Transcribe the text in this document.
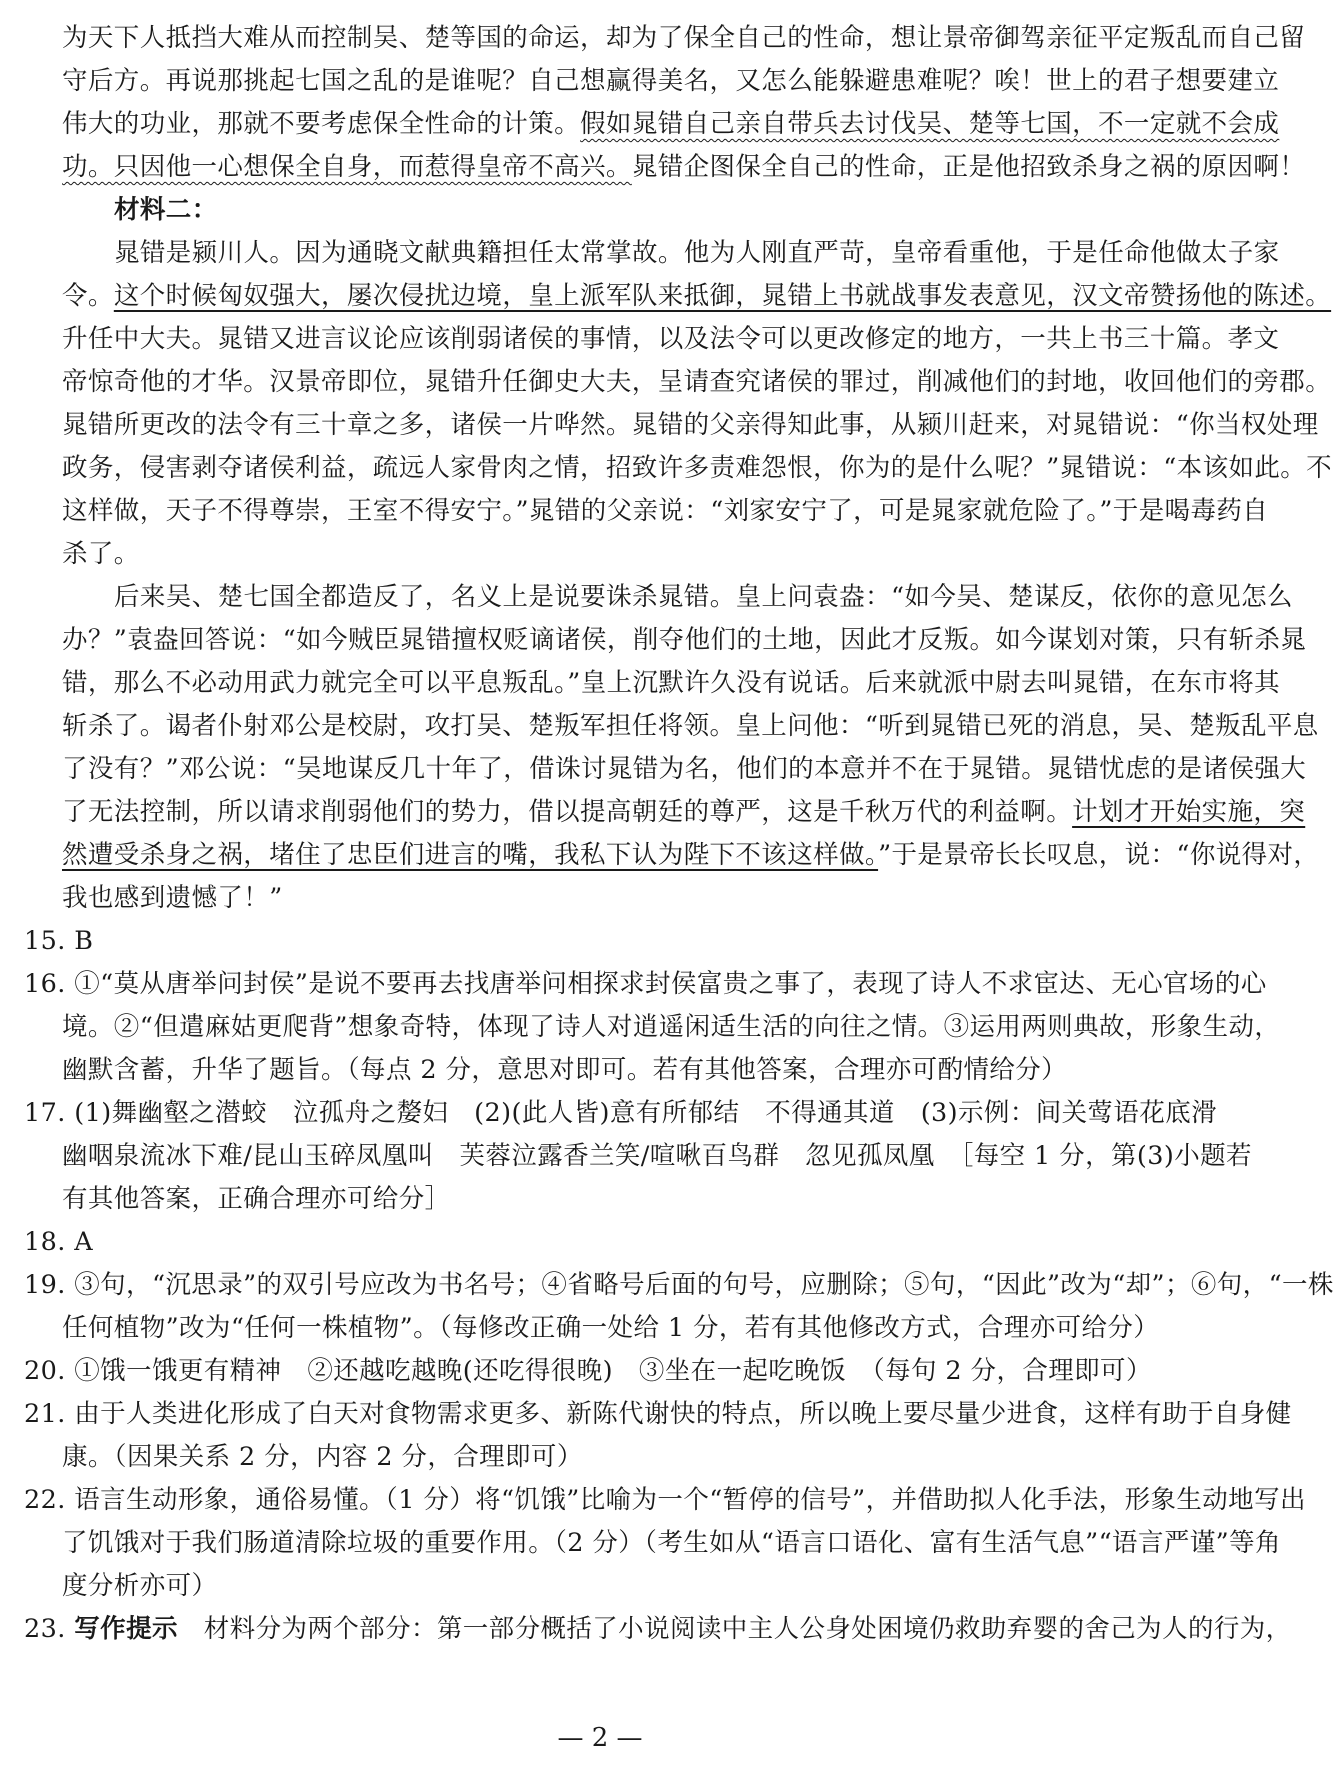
为天下人抵挡大难从而控制吴、楚等国的命运，却为了保全自己的性命，想让景帝御驾亲征平定叛乱而自己留
守后方。再说那挑起七国之乱的是谁呢？自己想赢得美名，又怎么能躲避患难呢？唉！世上的君子想要建立
伟大的功业，那就不要考虑保全性命的计策。假如晁错自己亲自带兵去讨伐吴、楚等七国，不一定就不会成
功。只因他一心想保全自身，而惹得皇帝不高兴。晁错企图保全自己的性命，正是他招致杀身之祸的原因啊！
材料二：
晁错是颍川人。因为通晓文献典籍担任太常掌故。他为人刚直严苛，皇帝看重他，于是任命他做太子家
令。这个时候匈奴强大，屡次侵扰边境，皇上派军队来抵御，晁错上书就战事发表意见，汉文帝赞扬他的陈述。
升任中大夫。晁错又进言议论应该削弱诸侯的事情，以及法令可以更改修定的地方，一共上书三十篇。孝文
帝惊奇他的才华。汉景帝即位，晁错升任御史大夫，呈请查究诸侯的罪过，削减他们的封地，收回他们的旁郡。
晁错所更改的法令有三十章之多，诸侯一片哗然。晁错的父亲得知此事，从颍川赶来，对晁错说：“你当权处理
政务，侵害剥夺诸侯利益，疏远人家骨肉之情，招致许多责难怨恨，你为的是什么呢？”晁错说：“本该如此。不
这样做，天子不得尊崇，王室不得安宁。”晁错的父亲说：“刘家安宁了，可是晁家就危险了。”于是喝毒药自
杀了。
后来吴、楚七国全都造反了，名义上是说要诛杀晁错。皇上问袁盎：“如今吴、楚谋反，依你的意见怎么
办？”袁盎回答说：“如今贼臣晁错擅权贬谪诸侯，削夺他们的土地，因此才反叛。如今谋划对策，只有斩杀晁
错，那么不必动用武力就完全可以平息叛乱。”皇上沉默许久没有说话。后来就派中尉去叫晁错，在东市将其
斩杀了。谒者仆射邓公是校尉，攻打吴、楚叛军担任将领。皇上问他：“听到晁错已死的消息，吴、楚叛乱平息
了没有？”邓公说：“吴地谋反几十年了，借诛讨晁错为名，他们的本意并不在于晁错。晁错忧虑的是诸侯强大
了无法控制，所以请求削弱他们的势力，借以提高朝廷的尊严，这是千秋万代的利益啊。计划才开始实施，突
然遭受杀身之祸，堵住了忠臣们进言的嘴，我私下认为陛下不该这样做。”于是景帝长长叹息，说：“你说得对，
我也感到遗憾了！”
15. B
16. ①“莫从唐举问封侯”是说不要再去找唐举问相探求封侯富贵之事了，表现了诗人不求宦达、无心官场的心
境。②“但遣麻姑更爬背”想象奇特，体现了诗人对逍遥闲适生活的向往之情。③运用两则典故，形象生动，
幽默含蓄，升华了题旨。（每点 2 分，意思对即可。若有其他答案，合理亦可酌情给分）
17. (1)舞幽壑之潜蛟　泣孤舟之嫠妇　(2)(此人皆)意有所郁结　不得通其道　(3)示例：间关莺语花底滑
幽咽泉流冰下难/昆山玉碎凤凰叫　芙蓉泣露香兰笑/喧啾百鸟群　忽见孤凤凰　［每空 1 分，第(3)小题若
有其他答案，正确合理亦可给分］
18. A
19. ③句，“沉思录”的双引号应改为书名号；④省略号后面的句号，应删除；⑤句，“因此”改为“却”；⑥句，“一株
任何植物”改为“任何一株植物”。（每修改正确一处给 1 分，若有其他修改方式，合理亦可给分）
20. ①饿一饿更有精神　②还越吃越晚(还吃得很晚)　③坐在一起吃晚饭　（每句 2 分，合理即可）
21. 由于人类进化形成了白天对食物需求更多、新陈代谢快的特点，所以晚上要尽量少进食，这样有助于自身健
康。（因果关系 2 分，内容 2 分，合理即可）
22. 语言生动形象，通俗易懂。（1 分）将“饥饿”比喻为一个“暂停的信号”，并借助拟人化手法，形象生动地写出
了饥饿对于我们肠道清除垃圾的重要作用。（2 分）（考生如从“语言口语化、富有生活气息”“语言严谨”等角
度分析亦可）
23. 写作提示　材料分为两个部分：第一部分概括了小说阅读中主人公身处困境仍救助弃婴的舍己为人的行为，
— 2 —
